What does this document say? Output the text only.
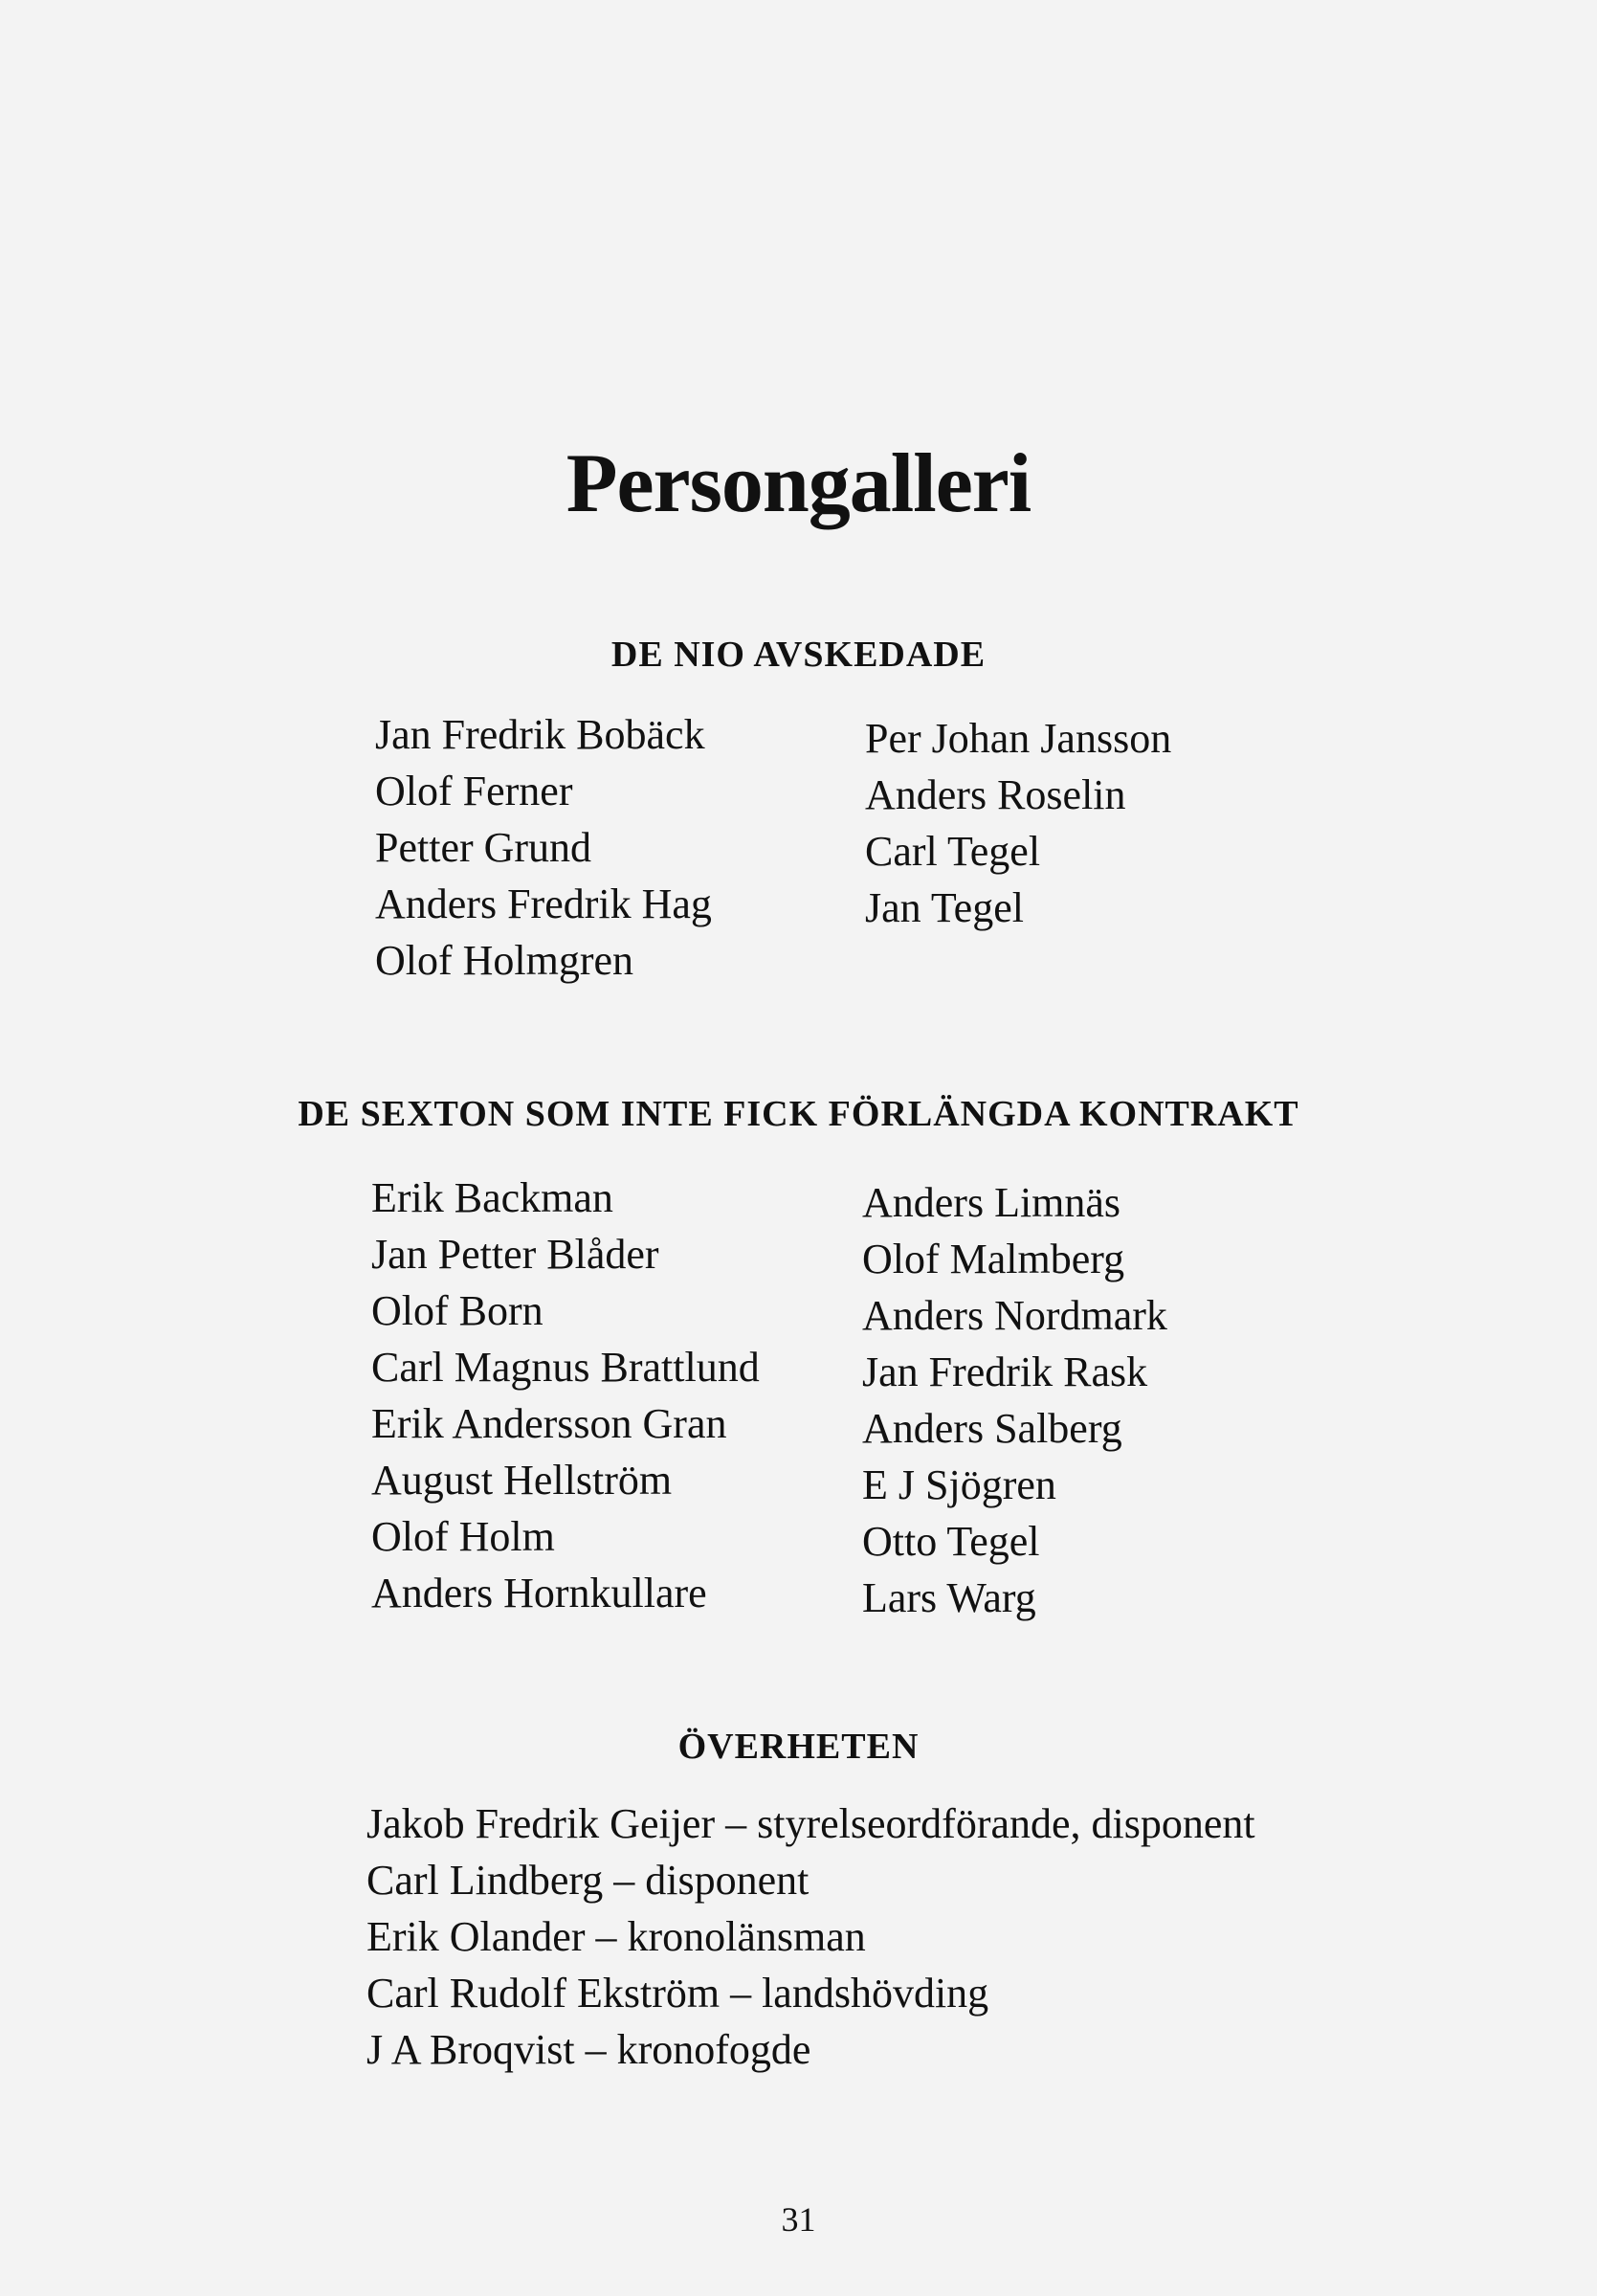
Persongalleri
DE NIO AVSKEDADE
Jan Fredrik Bobäck
Olof Ferner
Petter Grund
Anders Fredrik Hag
Olof Holmgren
Per Johan Jansson
Anders Roselin
Carl Tegel
Jan Tegel
DE SEXTON SOM INTE FICK FÖRLÄNGDA KONTRAKT
Erik Backman
Jan Petter Blåder
Olof Born
Carl Magnus Brattlund
Erik Andersson Gran
August Hellström
Olof Holm
Anders Hornkullare
Anders Limnäs
Olof Malmberg
Anders Nordmark
Jan Fredrik Rask
Anders Salberg
E J Sjögren
Otto Tegel
Lars Warg
ÖVERHETEN
Jakob Fredrik Geijer – styrelseordförande, disponent
Carl Lindberg – disponent
Erik Olander – kronolänsman
Carl Rudolf Ekström – landshövding
J A Broqvist – kronofogde
31
